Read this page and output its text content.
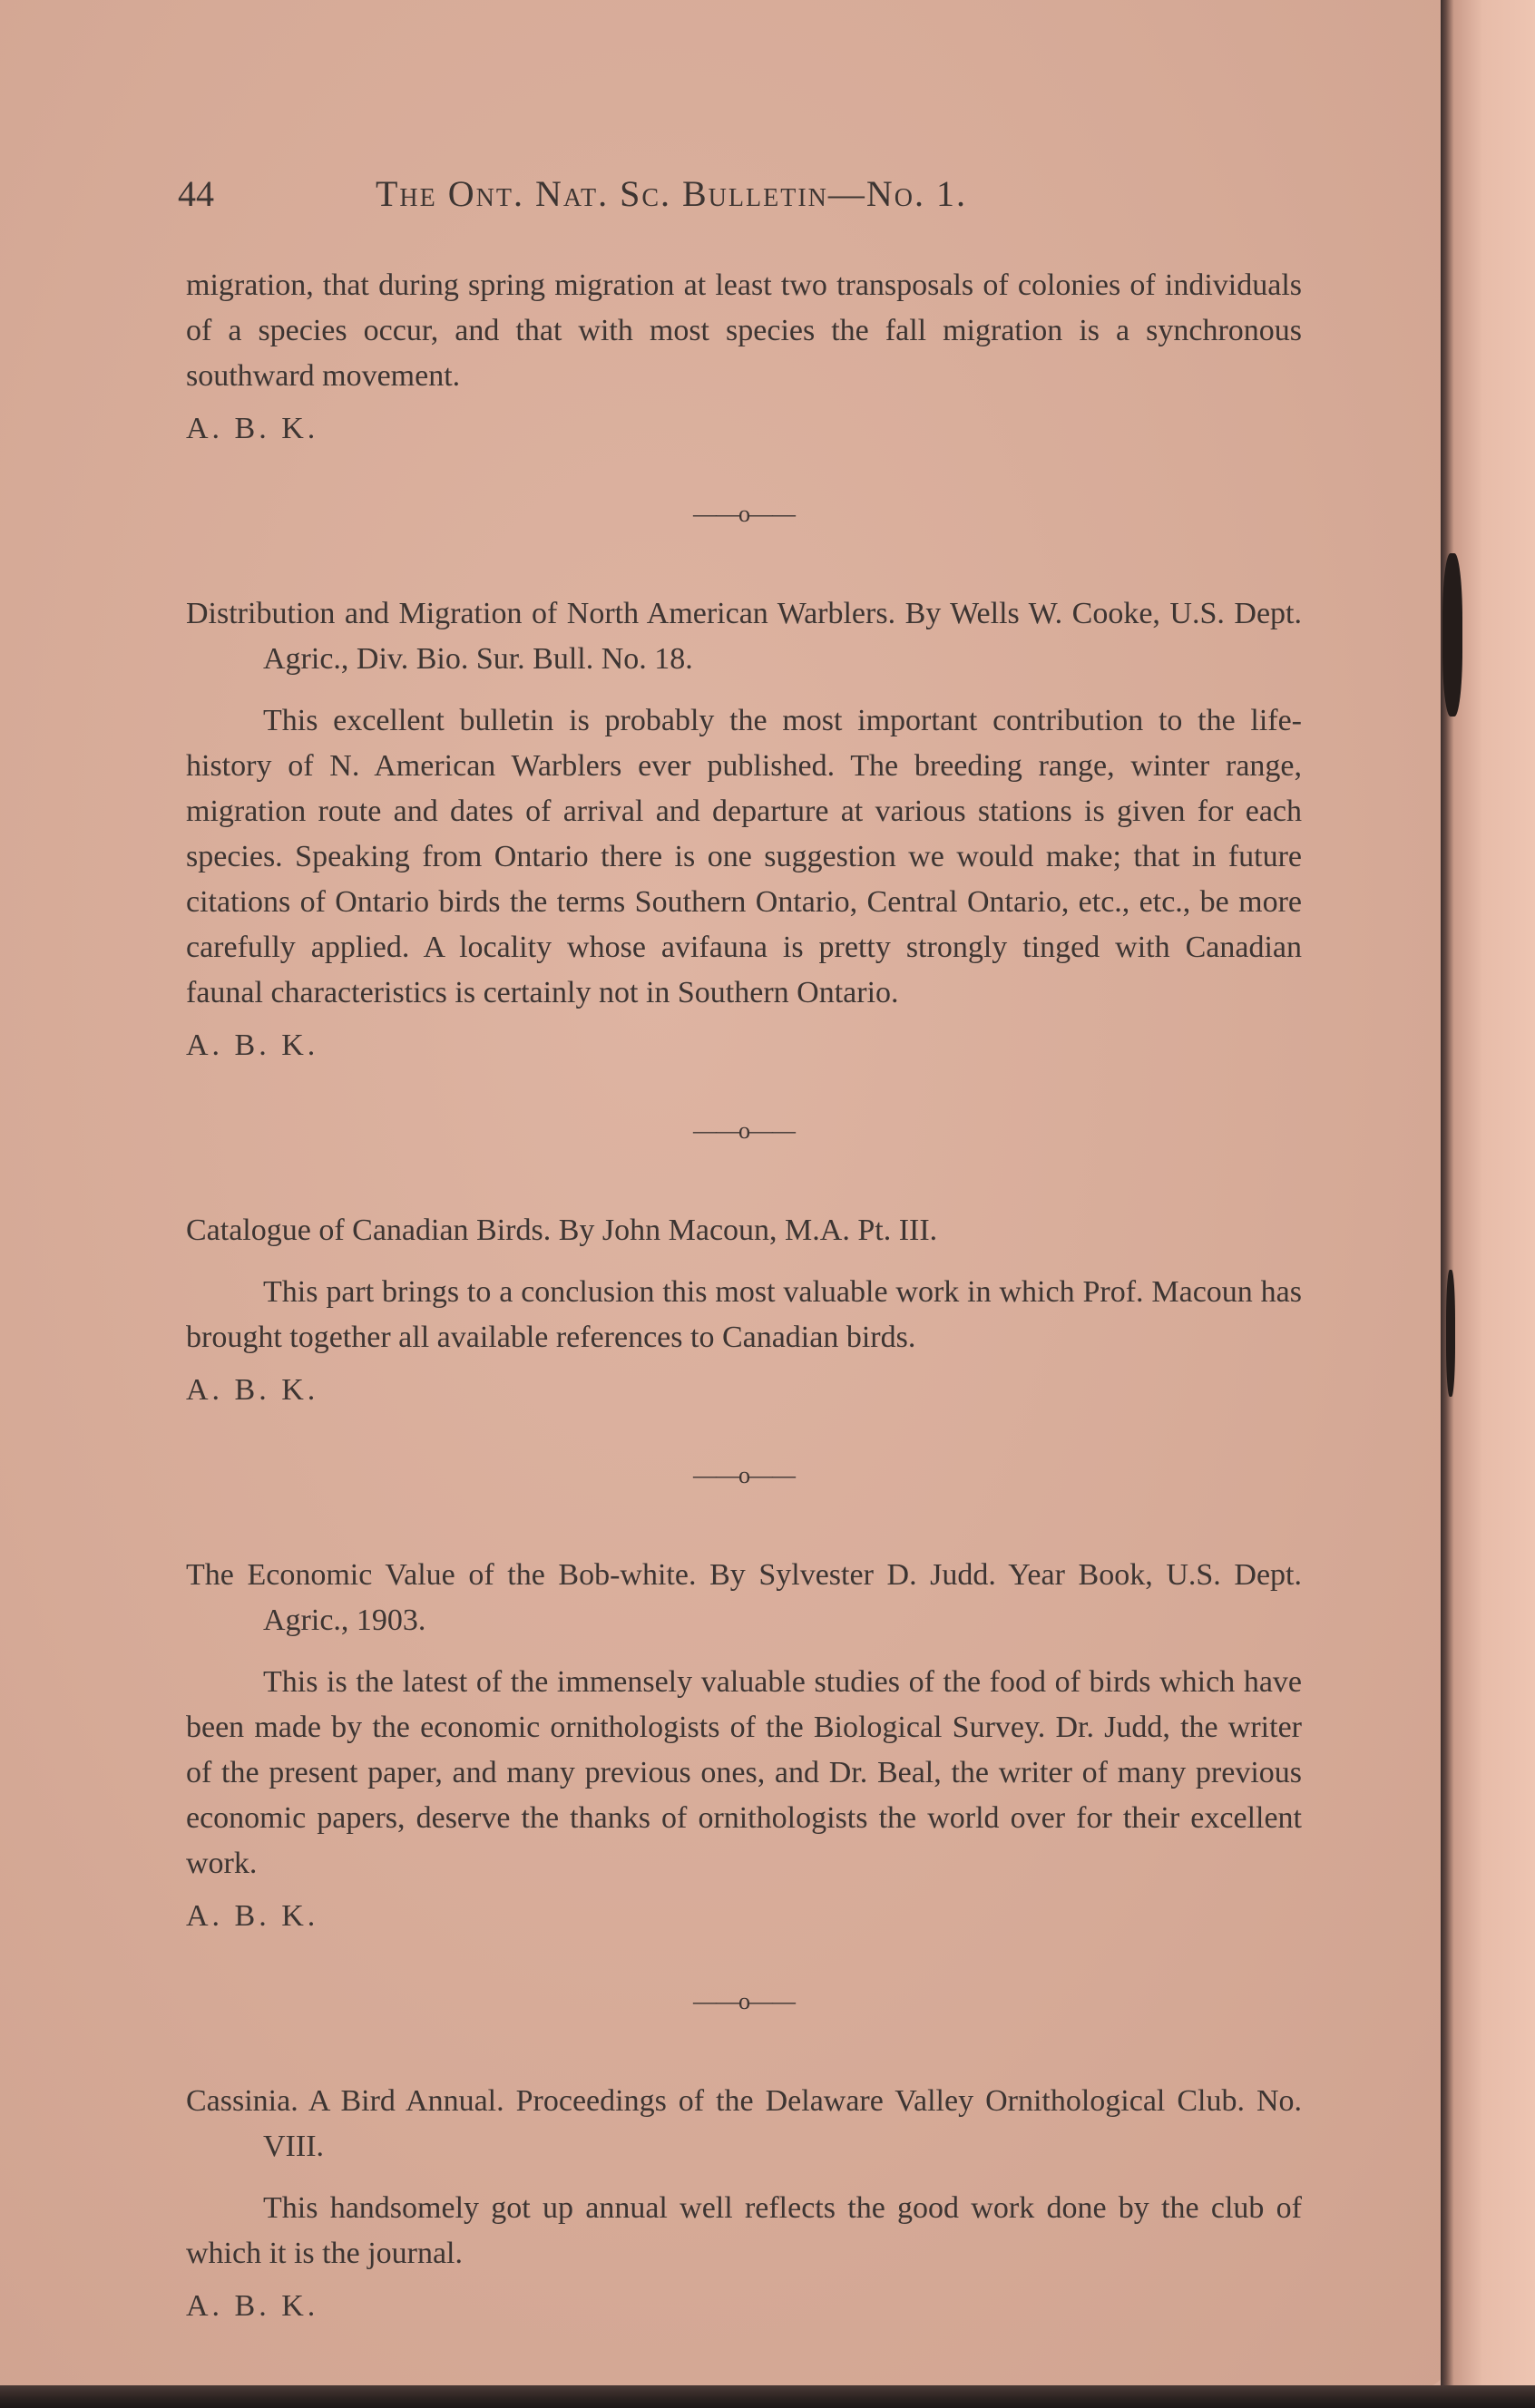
44	The Ont. Nat. Sc. Bulletin—No. 1.

migration, that during spring migration at least two transposals of colonies of individuals of a species occur, and that with most species the fall migration is a synchronous southward movement.

A. B. K.
——o——

Distribution and Migration of North American Warblers. By Wells W. Cooke, U.S. Dept. Agric., Div. Bio. Sur. Bull. No. 18.

This excellent bulletin is probably the most important contribution to the life-history of N. American Warblers ever published. The breeding range, winter range, migration route and dates of arrival and departure at various stations is given for each species. Speaking from Ontario there is one suggestion we would make; that in future citations of Ontario birds the terms Southern Ontario, Central Ontario, etc., etc., be more carefully applied. A locality whose avifauna is pretty strongly tinged with Canadian faunal characteristics is certainly not in Southern Ontario.

A. B. K.
——o——

Catalogue of Canadian Birds. By John Macoun, M.A. Pt. III.

This part brings to a conclusion this most valuable work in which Prof. Macoun has brought together all available references to Canadian birds.

A. B. K.
——o——

The Economic Value of the Bob-white. By Sylvester D. Judd. Year Book, U.S. Dept. Agric., 1903.

This is the latest of the immensely valuable studies of the food of birds which have been made by the economic ornithologists of the Biological Survey. Dr. Judd, the writer of the present paper, and many previous ones, and Dr. Beal, the writer of many previous economic papers, deserve the thanks of ornithologists the world over for their excellent work.

A. B. K.
——o——

Cassinia. A Bird Annual. Proceedings of the Delaware Valley Ornithological Club. No. VIII.

This handsomely got up annual well reflects the good work done by the club of which it is the journal.

A. B. K.
